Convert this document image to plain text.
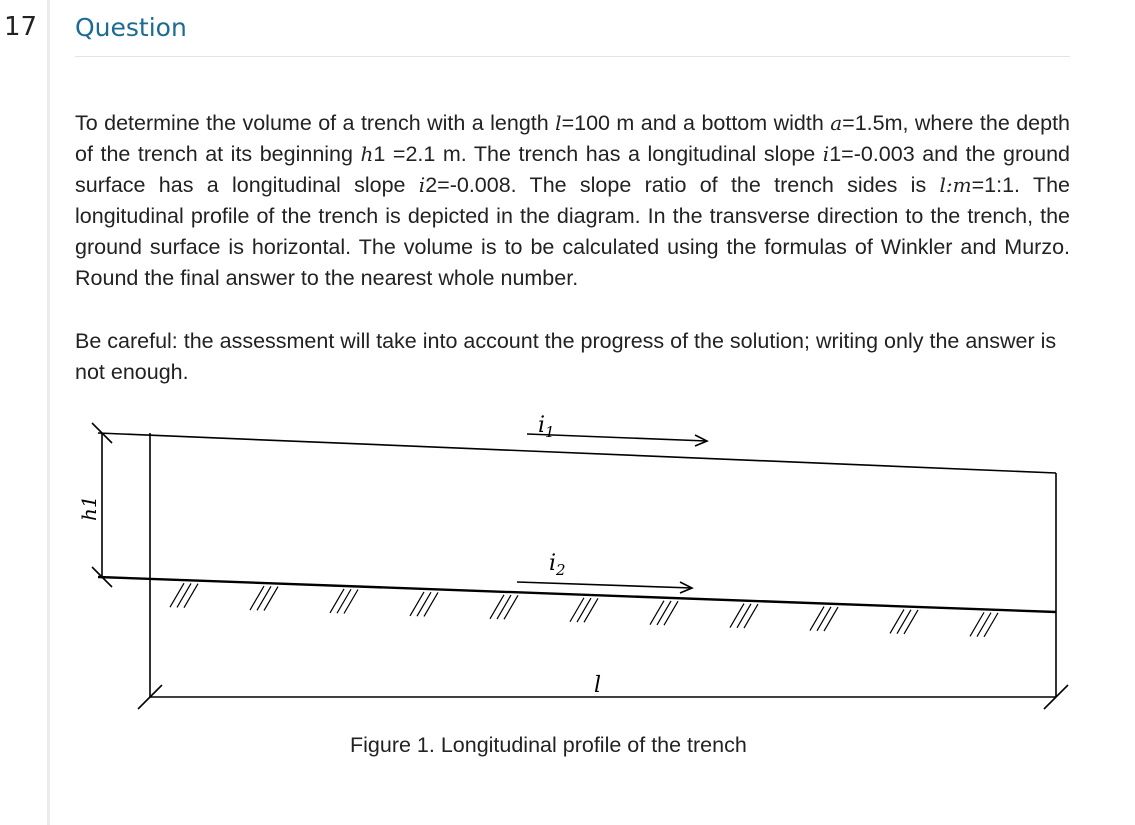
17 Question

To determine the volume of a trench with a length l=100 m and a bottom width a=1.5m, where the depth of the trench at its beginning h1 =2.1 m. The trench has a longitudinal slope i1=-0.003 and the ground surface has a longitudinal slope i2=-0.008. The slope ratio of the trench sides is l:m=1:1. The longitudinal profile of the trench is depicted in the diagram. In the transverse direction to the trench, the ground surface is horizontal. The volume is to be calculated using the formulas of Winkler and Murzo. Round the final answer to the nearest whole number.

Be careful: the assessment will take into account the progress of the solution; writing only the answer is not enough.
$i_1$
$i_2$
h1
l
Figure 1. Longitudinal profile of the trench
